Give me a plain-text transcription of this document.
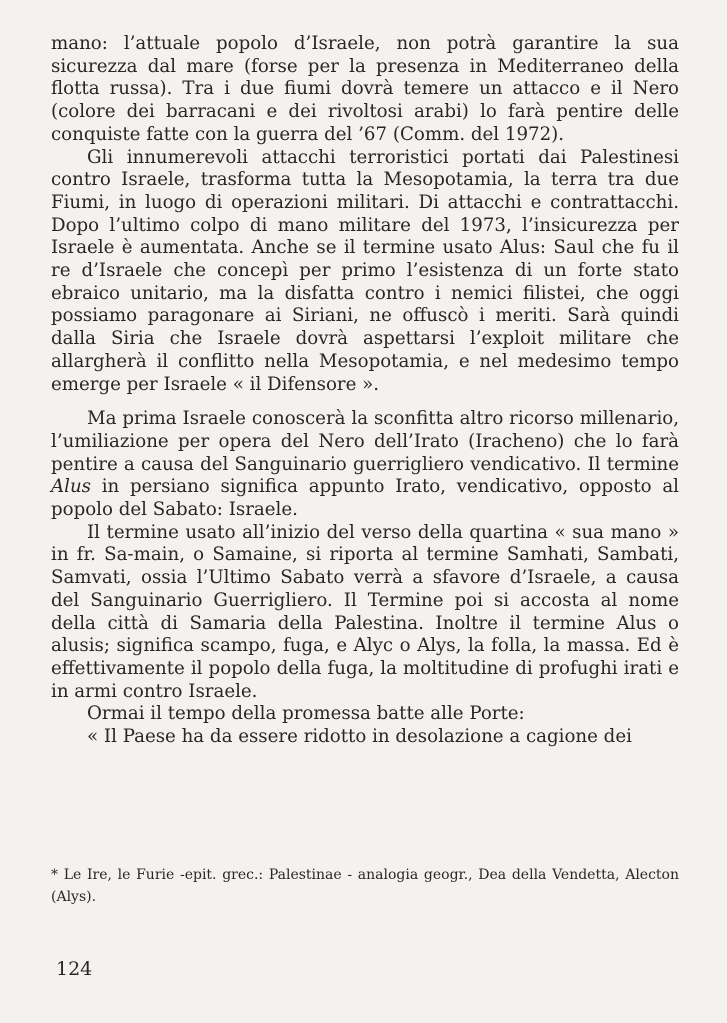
mano: l’attuale popolo d’Israele, non potrà garantire la sua sicurezza dal mare (forse per la presenza in Mediterraneo della flotta russa). Tra i due fiumi dovrà temere un attacco e il Nero (colore dei barracani e dei rivoltosi arabi) lo farà pentire delle conquiste fatte con la guerra del ’67 (Comm. del 1972).

Gli innumerevoli attacchi terroristici portati dai Palestinesi contro Israele, trasforma tutta la Mesopotamia, la terra tra due Fiumi, in luogo di operazioni militari. Di attacchi e contrattacchi. Dopo l’ultimo colpo di mano militare del 1973, l’insicurezza per Israele è aumentata. Anche se il termine usato Alus: Saul che fu il re d’Israele che concepì per primo l’esistenza di un forte stato ebraico unitario, ma la disfatta contro i nemici filistei, che oggi possiamo paragonare ai Siriani, ne offuscò i meriti. Sarà quindi dalla Siria che Israele dovrà aspettarsi l’exploit militare che allargherà il conflitto nella Mesopotamia, e nel medesimo tempo emerge per Israele « il Difensore ».

Ma prima Israele conoscerà la sconfitta altro ricorso millenario, l’umiliazione per opera del Nero dell’Irato (Iracheno) che lo farà pentire a causa del Sanguinario guerrigliero vendicativo. Il termine Alus in persiano significa appunto Irato, vendicativo, opposto al popolo del Sabato: Israele.

Il termine usato all’inizio del verso della quartina « sua mano » in fr. Sa-main, o Samaine, si riporta al termine Samhati, Sambati, Samvati, ossia l’Ultimo Sabato verrà a sfavore d’Israele, a causa del Sanguinario Guerrigliero. Il Termine poi si accosta al nome della città di Samaria della Palestina. Inoltre il termine Alus o alusis; significa scampo, fuga, e Alyc o Alys, la folla, la massa. Ed è effettivamente il popolo della fuga, la moltitudine di profughi irati e in armi contro Israele.

Ormai il tempo della promessa batte alle Porte:

« Il Paese ha da essere ridotto in desolazione a cagione dei

* Le Ire, le Furie -epit. grec.: Palestinae - analogia geogr., Dea della Vendetta, Alecton (Alys).
124
